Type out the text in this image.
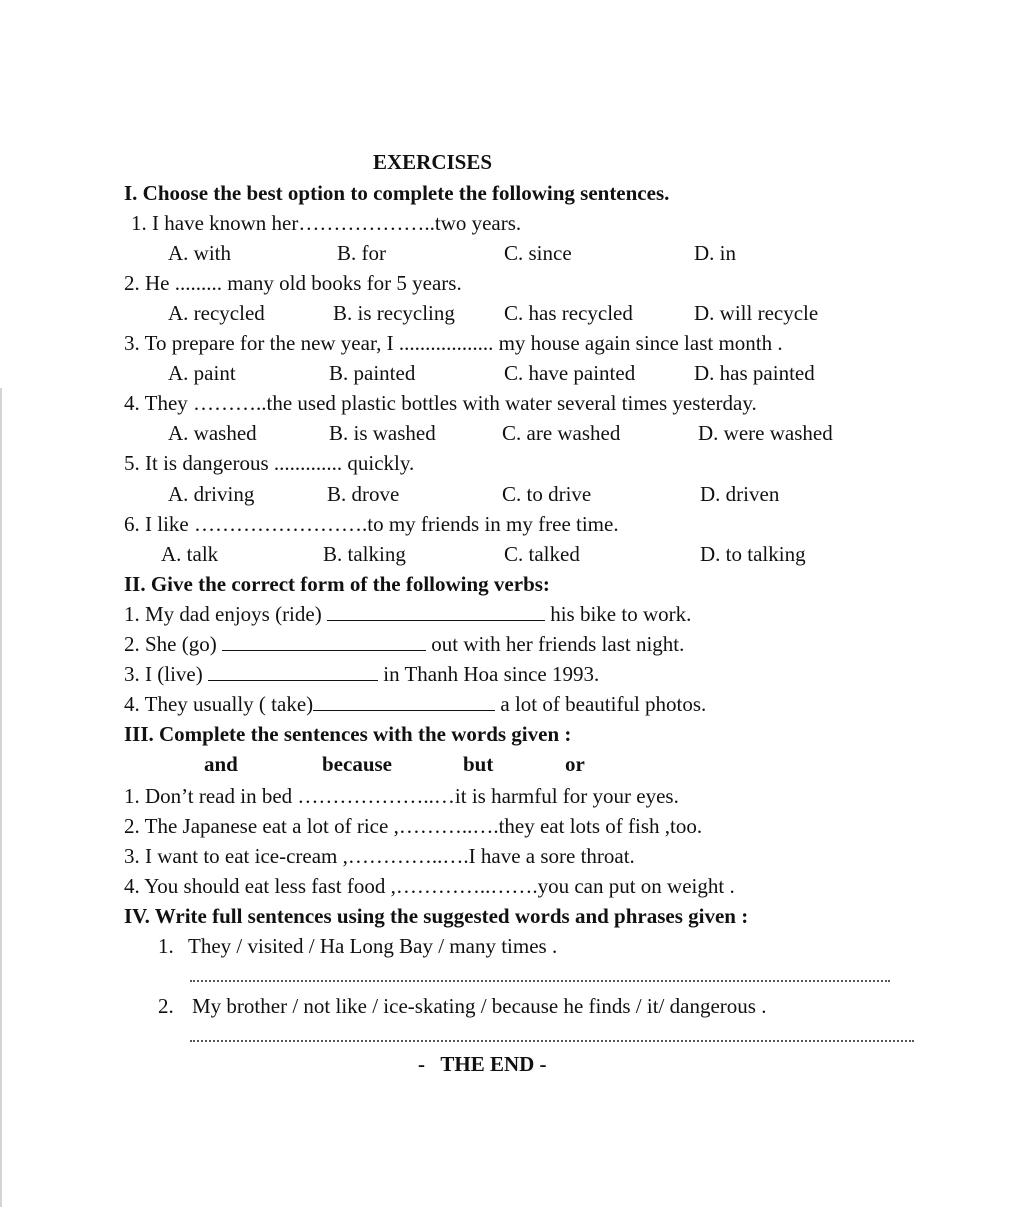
EXERCISES
I. Choose the best option to complete the following sentences.
1. I have known her………………..two years.
A. with	B. for	C. since	D. in
2. He ......... many old books for 5 years.
A. recycled	B. is recycling C. has recycled	D. will recycle
3. To prepare for the new year, I .................. my house again since last month .
A. paint	B. painted	C. have painted	D. has painted
4. They ………..the used plastic bottles with water several times yesterday.
A. washed	B. is washed	C. are washed	D. were washed
5. It is dangerous ............. quickly.
A. driving	B. drove	C. to drive	D. driven
6. I like …………………….to my friends in my free time.
A. talk	B. talking	C. talked	D. to talking
II. Give the correct form of the following verbs:
1. My dad enjoys (ride)	his bike to work.
2. She (go)	out with her friends last night.
3. I (live)	in Thanh Hoa since 1993.
4. They usually ( take)	a lot of beautiful photos.
III. Complete the sentences with the words given :
and	because	but	or
1. Don’t read in bed ………………..…it is harmful for your eyes.
2. The Japanese eat a lot of rice ,………..….they eat lots of fish ,too.
3. I want to eat ice-cream ,…………..….I have a sore throat.
4. You should eat less fast food ,…………..…….you can put on weight .
IV. Write full sentences using the suggested words and phrases given :
1. They / visited / Ha Long Bay / many times .
2. My brother / not like / ice-skating / because he finds / it/ dangerous .
-   THE END -
